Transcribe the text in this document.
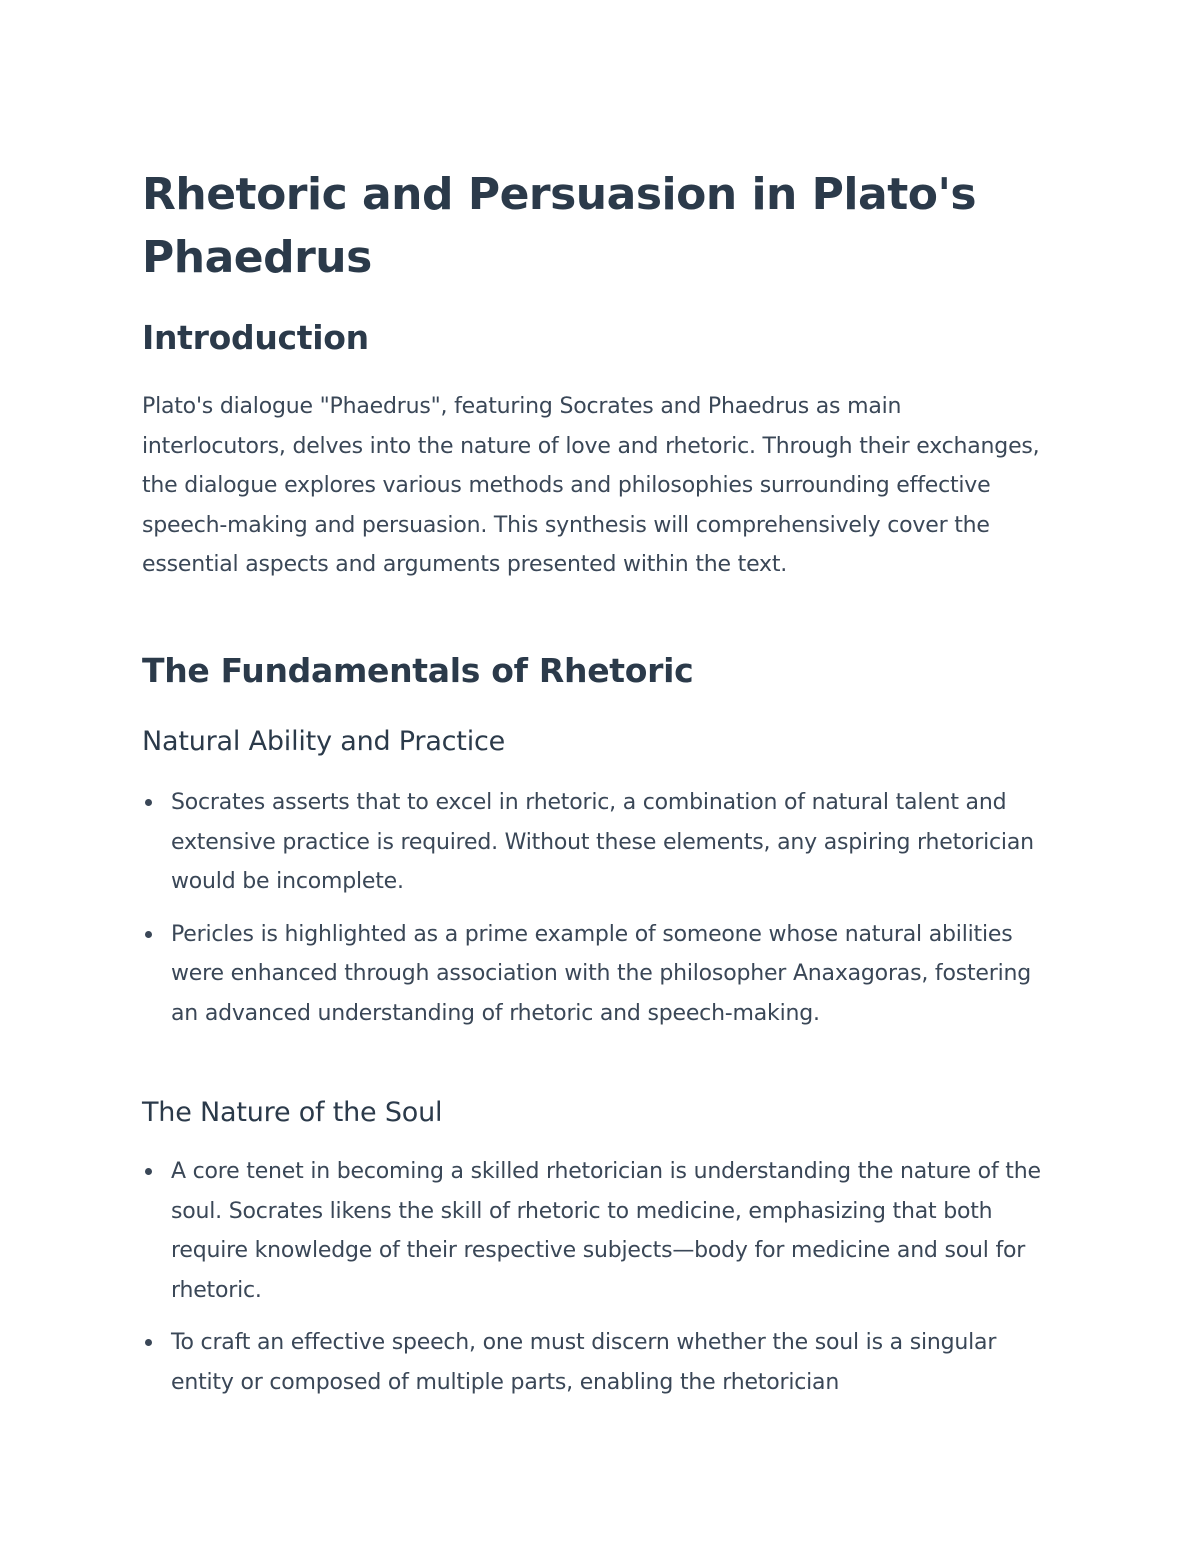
Rhetoric and Persuasion in Plato's Phaedrus
Introduction

Plato's dialogue "Phaedrus", featuring Socrates and Phaedrus as main interlocutors, delves into the nature of love and rhetoric. Through their exchanges, the dialogue explores various methods and philosophies surrounding effective speech-making and persuasion. This synthesis will comprehensively cover the essential aspects and arguments presented within the text.

The Fundamentals of Rhetoric
Natural Ability and Practice
Socrates asserts that to excel in rhetoric, a combination of natural talent and extensive practice is required. Without these elements, any aspiring rhetorician would be incomplete.
Pericles is highlighted as a prime example of someone whose natural abilities were enhanced through association with the philosopher Anaxagoras, fostering an advanced understanding of rhetoric and speech-making.
The Nature of the Soul
A core tenet in becoming a skilled rhetorician is understanding the nature of the soul. Socrates likens the skill of rhetoric to medicine, emphasizing that both require knowledge of their respective subjects—body for medicine and soul for rhetoric.
To craft an effective speech, one must discern whether the soul is a singular entity or composed of multiple parts, enabling the rhetorician
